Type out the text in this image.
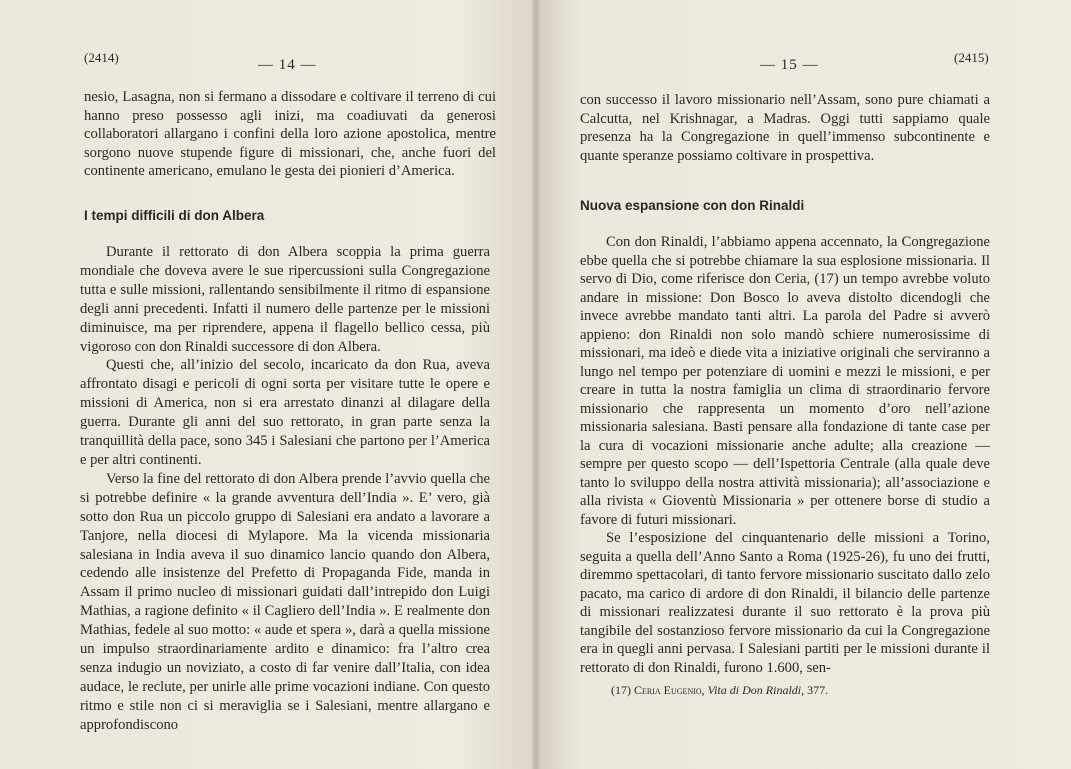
(2414)	— 14 —

nesio, Lasagna, non si fermano a dissodare e coltivare il terreno di cui hanno preso possesso agli inizi, ma coadiuvati da generosi collaboratori allargano i confini della loro azione apostolica, mentre sorgono nuove stupende figure di missionari, che, anche fuori del continente americano, emulano le gesta dei pionieri d’America.

I tempi difficili di don Albera

Durante il rettorato di don Albera scoppia la prima guerra mondiale che doveva avere le sue ripercussioni sulla Congregazione tutta e sulle missioni, rallentando sensibilmente il ritmo di espansione degli anni precedenti. Infatti il numero delle partenze per le missioni diminuisce, ma per riprendere, appena il flagello bellico cessa, più vigoroso con don Rinaldi successore di don Albera.

Questi che, all’inizio del secolo, incaricato da don Rua, aveva affrontato disagi e pericoli di ogni sorta per visitare tutte le opere e missioni di America, non si era arrestato dinanzi al dilagare della guerra. Durante gli anni del suo rettorato, in gran parte senza la tranquillità della pace, sono 345 i Salesiani che partono per l’America e per altri continenti.

Verso la fine del rettorato di don Albera prende l’avvio quella che si potrebbe definire « la grande avventura dell’India ». E’ vero, già sotto don Rua un piccolo gruppo di Salesiani era andato a lavorare a Tanjore, nella diocesi di Mylapore. Ma la vicenda missionaria salesiana in India aveva il suo dinamico lancio quando don Albera, cedendo alle insistenze del Prefetto di Propaganda Fide, manda in Assam il primo nucleo di missionari guidati dall’intrepido don Luigi Mathias, a ragione definito « il Cagliero dell’India ». E realmente don Mathias, fedele al suo motto: « aude et spera », darà a quella missione un impulso straordinariamente ardito e dinamico: fra l’altro crea senza indugio un noviziato, a costo di far venire dall’Italia, con idea audace, le reclute, per unirle alle prime vocazioni indiane. Con questo ritmo e stile non ci si meraviglia se i Salesiani, mentre allargano e approfondiscono

— 15 —	(2415)

con successo il lavoro missionario nell’Assam, sono pure chiamati a Calcutta, nel Krishnagar, a Madras. Oggi tutti sappiamo quale presenza ha la Congregazione in quell’immenso subcontinente e quante speranze possiamo coltivare in prospettiva.

Nuova espansione con don Rinaldi

Con don Rinaldi, l’abbiamo appena accennato, la Congregazione ebbe quella che si potrebbe chiamare la sua esplosione missionaria. Il servo di Dio, come riferisce don Ceria, (17) un tempo avrebbe voluto andare in missione: Don Bosco lo aveva distolto dicendogli che invece avrebbe mandato tanti altri. La parola del Padre si avverò appieno: don Rinaldi non solo mandò schiere numerosissime di missionari, ma ideò e diede vita a iniziative originali che serviranno a lungo nel tempo per potenziare di uomini e mezzi le missioni, e per creare in tutta la nostra famiglia un clima di straordinario fervore missionario che rappresenta un momento d’oro nell’azione missionaria salesiana. Basti pensare alla fondazione di tante case per la cura di vocazioni missionarie anche adulte; alla creazione — sempre per questo scopo — dell’Ispettoria Centrale (alla quale deve tanto lo sviluppo della nostra attività missionaria); all’associazione e alla rivista « Gioventù Missionaria » per ottenere borse di studio a favore di futuri missionari.

Se l’esposizione del cinquantenario delle missioni a Torino, seguita a quella dell’Anno Santo a Roma (1925-26), fu uno dei frutti, diremmo spettacolari, di tanto fervore missionario suscitato dallo zelo pacato, ma carico di ardore di don Rinaldi, il bilancio delle partenze di missionari realizzatesi durante il suo rettorato è la prova più tangibile del sostanzioso fervore missionario da cui la Congregazione era in quegli anni pervasa. I Salesiani partiti per le missioni durante il rettorato di don Rinaldi, furono 1.600, sen-

(17) Ceria Eugenio, Vita di Don Rinaldi, 377.
